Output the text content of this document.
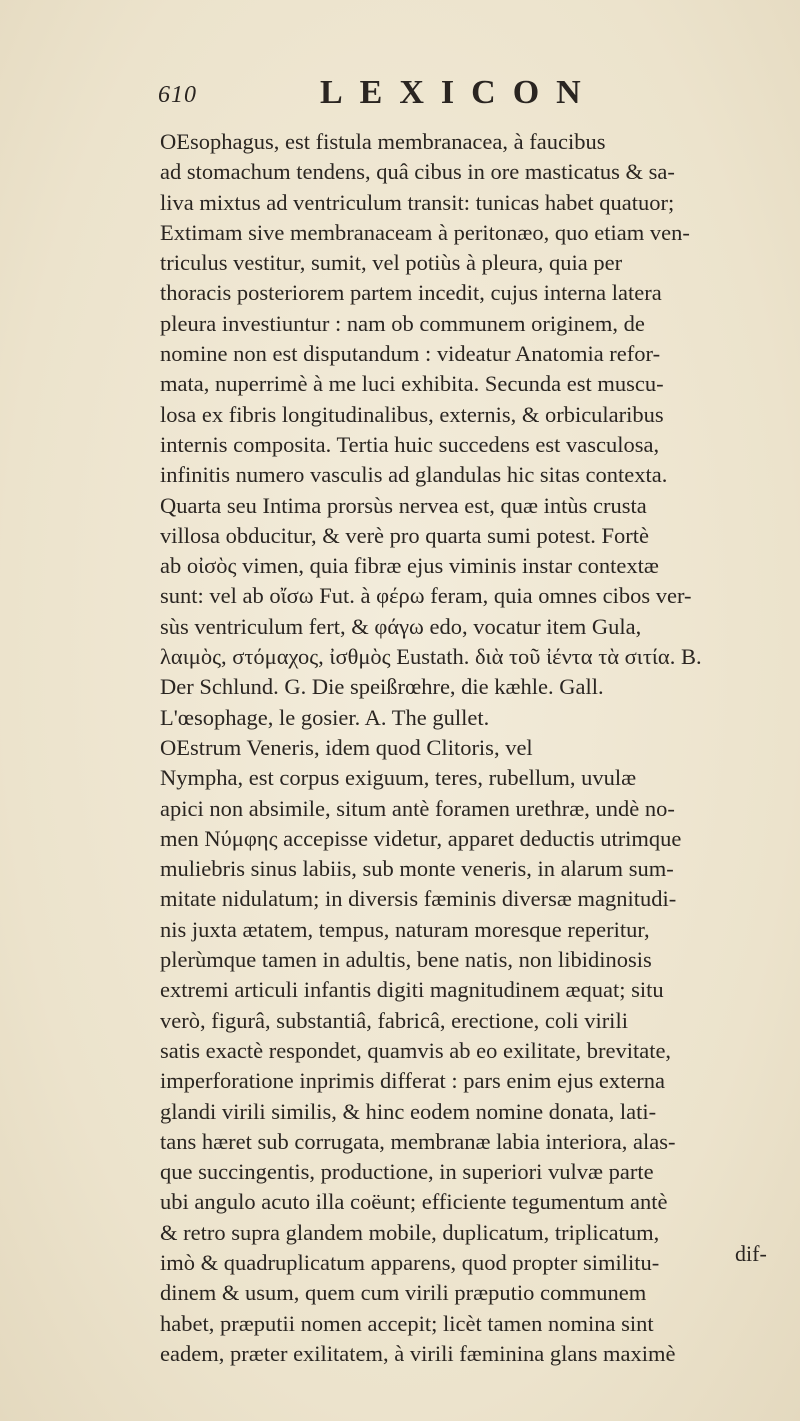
610	LEXICON
OEsophagus, est fistula membranacea, à faucibus
ad stomachum tendens, quâ cibus in ore masticatus & sa-
liva mixtus ad ventriculum transit: tunicas habet quatuor;
Extimam sive membranaceam à peritonæo, quo etiam ven-
triculus vestitur, sumit, vel potiùs à pleura, quia per
thoracis posteriorem partem incedit, cujus interna latera
pleura investiuntur : nam ob communem originem, de
nomine non est disputandum : videatur Anatomia refor-
mata, nuperrimè à me luci exhibita. Secunda est muscu-
losa ex fibris longitudinalibus, externis, & orbicularibus
internis composita. Tertia huic succedens est vasculosa,
infinitis numero vasculis ad glandulas hic sitas contexta.
Quarta seu Intima prorsùs nervea est, quæ intùs crusta
villosa obducitur, & verè pro quarta sumi potest. Fortè
ab οἰσὸς vimen, quia fibræ ejus viminis instar contextæ
sunt: vel ab οἴσω Fut. à φέρω feram, quia omnes cibos ver-
sùs ventriculum fert, & φάγω edo, vocatur item Gula,
λαιμὸς, στόμαχος, ἰσθμὸς Eustath. διὰ τοῦ ἰέντα τὰ σιτία. B.
Der Schlund. G. Die speißrœhre, die kæhle. Gall.
L'œsophage, le gosier. A. The gullet.
OEstrum Veneris, idem quod Clitoris, vel
Nympha, est corpus exiguum, teres, rubellum, uvulæ
apici non absimile, situm antè foramen urethræ, undè no-
men Νύμφης accepisse videtur, apparet deductis utrimque
muliebris sinus labiis, sub monte veneris, in alarum sum-
mitate nidulatum; in diversis fæminis diversæ magnitudi-
nis juxta ætatem, tempus, naturam moresque reperitur,
plerùmque tamen in adultis, bene natis, non libidinosis
extremi articuli infantis digiti magnitudinem æquat; situ
verò, figurâ, substantiâ, fabricâ, erectione, coli virili
satis exactè respondet, quamvis ab eo exilitate, brevitate,
imperforatione inprimis differat : pars enim ejus externa
glandi virili similis, & hinc eodem nomine donata, lati-
tans hæret sub corrugata, membranæ labia interiora, alas-
que succingentis, productione, in superiori vulvæ parte
ubi angulo acuto illa coëunt; efficiente tegumentum antè
& retro supra glandem mobile, duplicatum, triplicatum,
imò & quadruplicatum apparens, quod propter similitu-
dinem & usum, quem cum virili præputio communem
habet, præputii nomen accepit; licèt tamen nomina sint
eadem, præter exilitatem, à virili fæminina glans maximè
dif-
